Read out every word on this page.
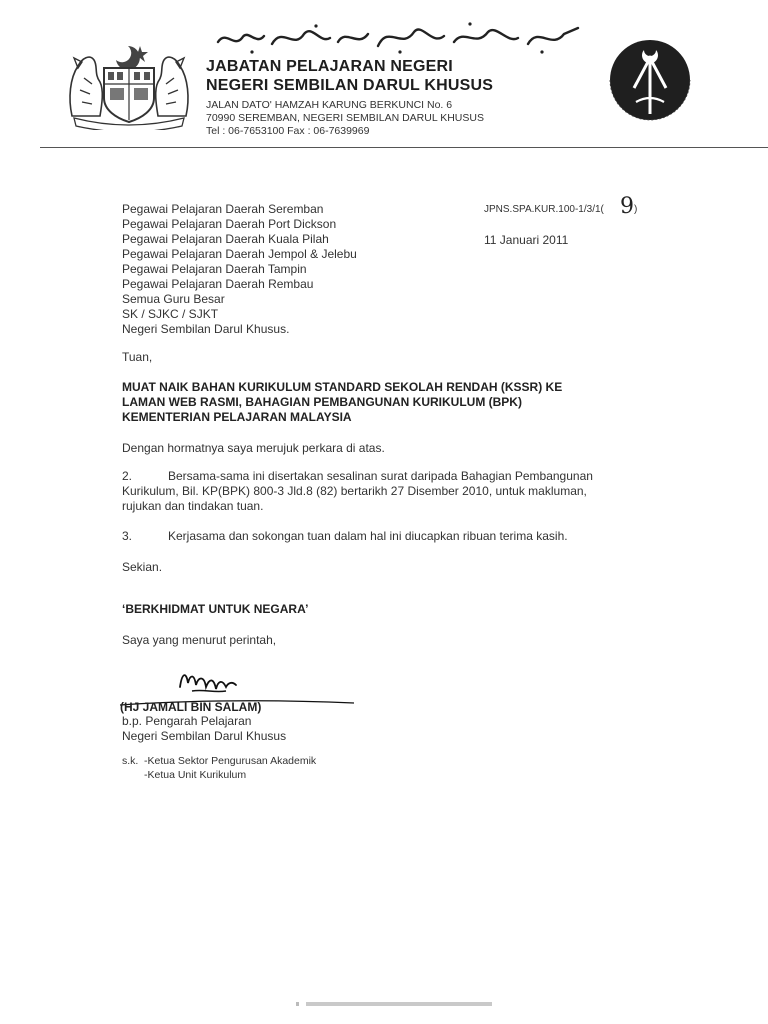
JABATAN PELAJARAN NEGERI
NEGERI SEMBILAN DARUL KHUSUS
JALAN DATO' HAMZAH KARUNG BERKUNCI No. 6
70990 SEREMBAN, NEGERI SEMBILAN DARUL KHUSUS
Tel : 06-7653100 Fax : 06-7639969
Pegawai Pelajaran Daerah Seremban
Pegawai Pelajaran Daerah Port Dickson
Pegawai Pelajaran Daerah Kuala Pilah
Pegawai Pelajaran Daerah Jempol & Jelebu
Pegawai Pelajaran Daerah Tampin
Pegawai Pelajaran Daerah Rembau
Semua Guru Besar
SK / SJKC / SJKT
Negeri Sembilan Darul Khusus.
JPNS.SPA.KUR.100-1/3/1( 9 )
11 Januari 2011
Tuan,
MUAT NAIK BAHAN KURIKULUM STANDARD SEKOLAH RENDAH (KSSR) KE
LAMAN WEB RASMI, BAHAGIAN PEMBANGUNAN KURIKULUM (BPK)
KEMENTERIAN PELAJARAN MALAYSIA
Dengan hormatnya saya merujuk perkara di atas.
2.	Bersama-sama ini disertakan sesalinan surat daripada Bahagian Pembangunan
Kurikulum, Bil. KP(BPK) 800-3 Jld.8 (82) bertarikh 27 Disember 2010, untuk makluman,
rujukan dan tindakan tuan.
3.	Kerjasama dan sokongan tuan dalam hal ini diucapkan ribuan terima kasih.
Sekian.
‘BERKHIDMAT UNTUK NEGARA’
Saya yang menurut perintah,
(HJ JAMALI BIN SALAM)
b.p. Pengarah Pelajaran
Negeri Sembilan Darul Khusus
s.k. -Ketua Sektor Pengurusan Akademik
-Ketua Unit Kurikulum
